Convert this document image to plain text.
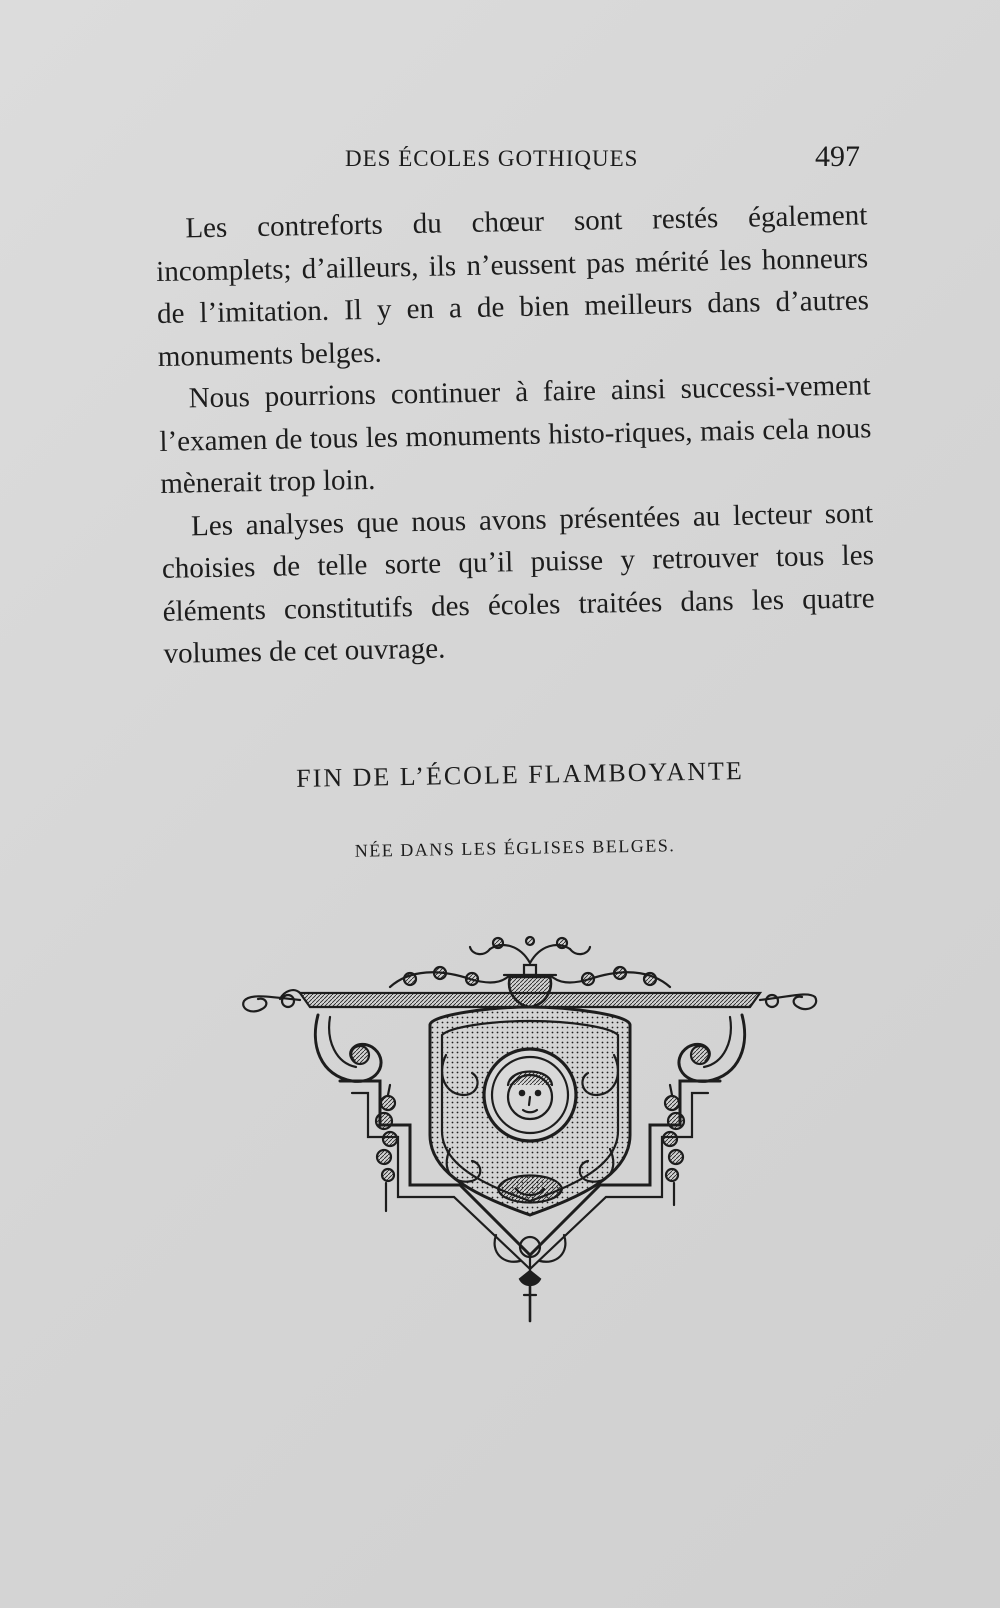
DES ÉCOLES GOTHIQUES	497

Les contreforts du chœur sont restés également incomplets; d’ailleurs, ils n’eussent pas mérité les honneurs de l’imitation. Il y en a de bien meilleurs dans d’autres monuments belges.

Nous pourrions continuer à faire ainsi successi-vement l’examen de tous les monuments histo-riques, mais cela nous mènerait trop loin.

Les analyses que nous avons présentées au lecteur sont choisies de telle sorte qu’il puisse y retrouver tous les éléments constitutifs des écoles traitées dans les quatre volumes de cet ouvrage.

FIN DE L’ÉCOLE FLAMBOYANTE
NÉE DANS LES ÉGLISES BELGES.
